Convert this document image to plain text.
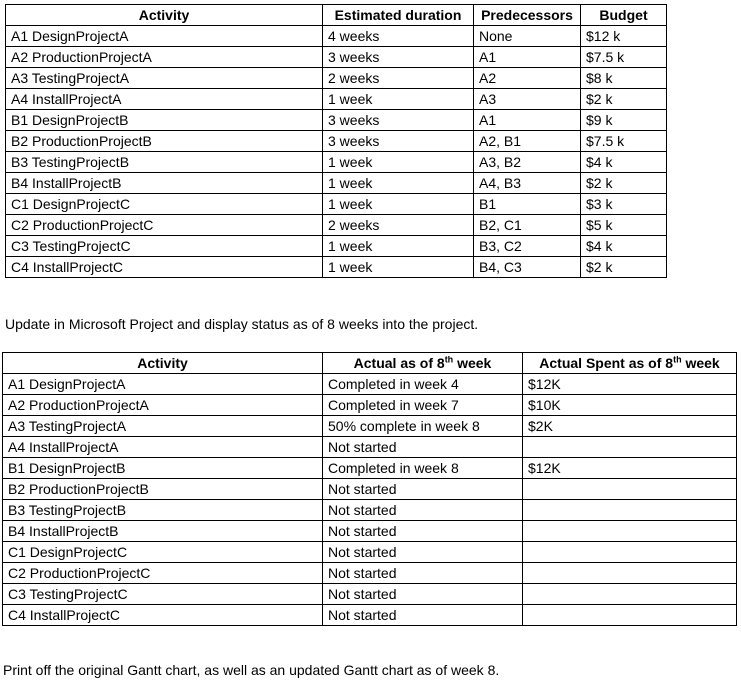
Activity	Estimated duration	Predecessors	Budget
A1 DesignProjectA	4 weeks	None	$12 k
A2 ProductionProjectA	3 weeks	A1	$7.5 k
A3 TestingProjectA	2 weeks	A2	$8 k
A4 InstallProjectA	1 week	A3	$2 k
B1 DesignProjectB	3 weeks	A1	$9 k
B2 ProductionProjectB	3 weeks	A2, B1	$7.5 k
B3 TestingProjectB	1 week	A3, B2	$4 k
B4 InstallProjectB	1 week	A4, B3	$2 k
C1 DesignProjectC	1 week	B1	$3 k
C2 ProductionProjectC	2 weeks	B2, C1	$5 k
C3 TestingProjectC	1 week	B3, C2	$4 k
C4 InstallProjectC	1 week	B4, C3	$2 k
Update in Microsoft Project and display status as of 8 weeks into the project.
Activity	Actual as of 8th week	Actual Spent as of 8th week
A1 DesignProjectA	Completed in week 4	$12K
A2 ProductionProjectA	Completed in week 7	$10K
A3 TestingProjectA	50% complete in week 8	$2K
A4 InstallProjectA	Not started	
B1 DesignProjectB	Completed in week 8	$12K
B2 ProductionProjectB	Not started	
B3 TestingProjectB	Not started	
B4 InstallProjectB	Not started	
C1 DesignProjectC	Not started	
C2 ProductionProjectC	Not started	
C3 TestingProjectC	Not started	
C4 InstallProjectC	Not started	
Print off the original Gantt chart, as well as an updated Gantt chart as of week 8.
